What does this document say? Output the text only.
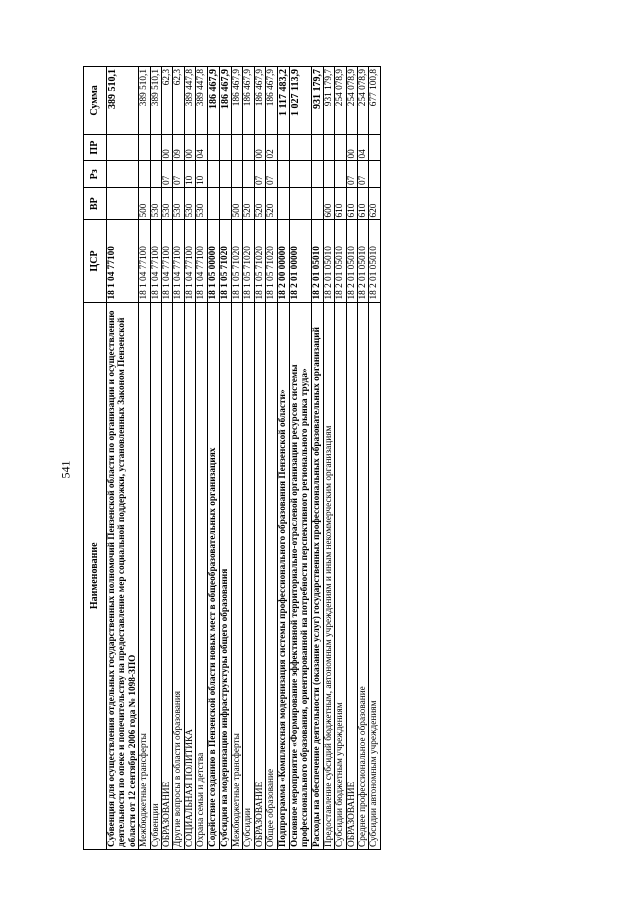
541
Наименование	ЦСР	ВР	Рз	ПР	Сумма
Субвенция для осуществления отдельных государственных полномочий Пензенской области по организации и осуществлению деятельности по опеке и попечительству на предоставление мер социальной поддержки, установленных Законом Пензенской области от 12 сентября 2006 года № 1098-ЗПО	18 1 04 77100				389 510,1
Межбюджетные трансферты	18 1 04 77100	500			389 510,1
Субвенции	18 1 04 77100	530			389 510,1
ОБРАЗОВАНИЕ	18 1 04 77100	530	07	00	62,3
Другие вопросы в области образования	18 1 04 77100	530	07	09	62,3
СОЦИАЛЬНАЯ ПОЛИТИКА	18 1 04 77100	530	10	00	389 447,8
Охрана семьи и детства	18 1 04 77100	530	10	04	389 447,8
Содействие созданию в Пензенской области новых мест в общеобразовательных организациях	18 1 05 00000				186 467,9
Субсидия на модернизацию инфраструктуры общего образования	18 1 05 71020				186 467,9
Межбюджетные трансферты	18 1 05 71020	500			186 467,9
Субсидии	18 1 05 71020	520			186 467,9
ОБРАЗОВАНИЕ	18 1 05 71020	520	07	00	186 467,9
Общее образование	18 1 05 71020	520	07	02	186 467,9
Подпрограмма «Комплексная модернизация системы профессионального образования Пензенской области»	18 2 00 00000				1 117 483,2
Основное мероприятие «Формирование эффективной территориально-отраслевой организации ресурсов системы профессионального образования, ориентированной на потребности перспективного регионального рынка труда»	18 2 01 00000				1 027 113,9
Расходы на обеспечение деятельности (оказание услуг) государственных профессиональных образовательных организаций	18 2 01 05010				931 179,7
Предоставление субсидий бюджетным, автономным учреждениям и иным некоммерческим организациям	18 2 01 05010	600			931 179,7
Субсидии бюджетным учреждениям	18 2 01 05010	610			254 078,9
ОБРАЗОВАНИЕ	18 2 01 05010	610	07	00	254 078,9
Среднее профессиональное образование	18 2 01 05010	610	07	04	254 078,9
Субсидии автономным учреждениям	18 2 01 05010	620			677 100,8
